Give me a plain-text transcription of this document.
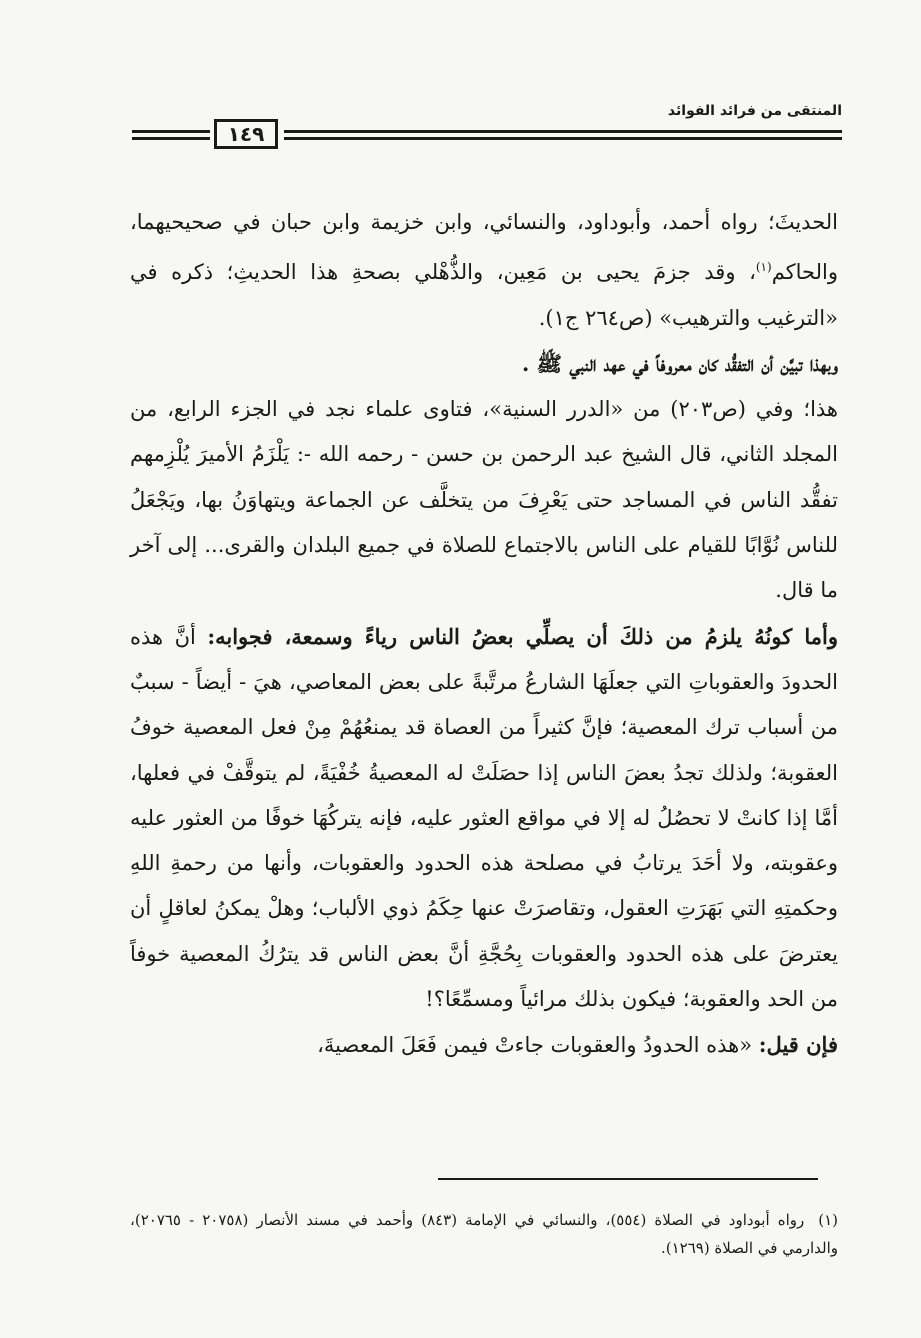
١٤٩
المنتقى من فرائد الفوائد

الحديثَ؛ رواه أحمد، وأبوداود، والنسائي، وابن خزيمة وابن حبان في صحيحيهما، والحاكم$^{(١)}$، وقد جزمَ يحيى بن مَعِين، والذُّهْلي بصحةِ هذا الحديثِ؛ ذكره في «الترغيب والترهيب» (ص٢٦٤ ج١).

وبهذا تبيَّن أن التفقُّد كان معروفاً في عهد النبي ﷺ .

هذا؛ وفي (ص٢٠٣) من «الدرر السنية»، فتاوى علماء نجد في الجزء الرابع، من المجلد الثاني، قال الشيخ عبد الرحمن بن حسن - رحمه الله -: يَلْزَمُ الأميرَ يُلْزِمهم تفقُّد الناس في المساجد حتى يَعْرِفَ من يتخلَّف عن الجماعة ويتهاوَنُ بها، ويَجْعَلُ للناس نُوَّابًا للقيام على الناس بالاجتماع للصلاة في جميع البلدان والقرى... إلى آخر ما قال.

وأما كونُهُ يلزمُ من ذلكَ أن يصلِّي بعضُ الناس رياءً وسمعة، فجوابه: أنَّ هذه الحدودَ والعقوباتِ التي جعلَهَا الشارعُ مرتَّبةً على بعض المعاصي، هيَ - أيضاً - سببٌ من أسباب ترك المعصية؛ فإنَّ كثيراً من العصاة قد يمنعُهُمْ مِنْ فعل المعصية خوفُ العقوبة؛ ولذلك تجدُ بعضَ الناس إذا حصَلَتْ له المعصيةُ خُفْيَةً، لم يتوقَّفْ في فعلها، أمَّا إذا كانتْ لا تحصُلُ له إلا في مواقع العثور عليه، فإنه يتركُهَا خوفًا من العثور عليه وعقوبته، ولا أحَدَ يرتابُ في مصلحة هذه الحدود والعقوبات، وأنها من رحمةِ اللهِ وحكمتِهِ التي بَهَرَتِ العقول، وتقاصرَتْ عنها حِكَمُ ذوي الألباب؛ وهلْ يمكنُ لعاقلٍ أن يعترضَ على هذه الحدود والعقوبات بِحُجَّةِ أنَّ بعض الناس قد يترُكُ المعصية خوفاً من الحد والعقوبة؛ فيكون بذلك مرائياً ومسمِّعًا؟!

فإن قيل: «هذه الحدودُ والعقوبات جاءتْ فيمن فَعَلَ المعصيةَ،

(١)رواه أبوداود في الصلاة (٥٥٤)، والنسائي في الإمامة (٨٤٣) وأحمد في مسند الأنصار (٢٠٧٥٨ - ٢٠٧٦٥)، والدارمي في الصلاة (١٢٦٩).
